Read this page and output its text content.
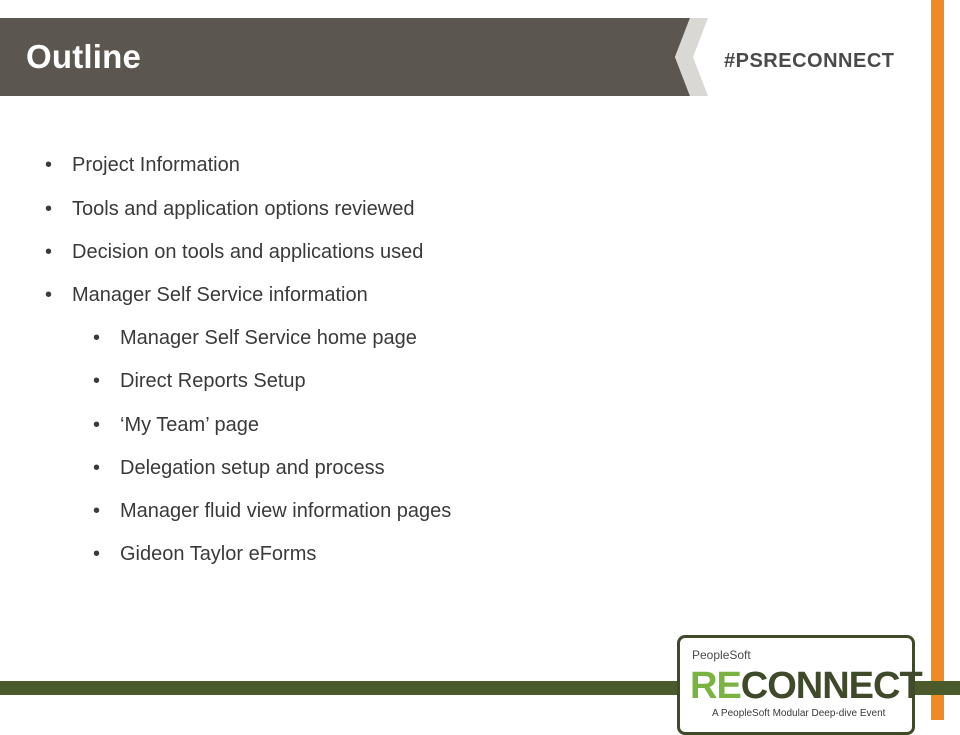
Outline	#PSRECONNECT
• Project Information
• Tools and application options reviewed
• Decision on tools and applications used
• Manager Self Service information
• Manager Self Service home page
• Direct Reports Setup
• ‘My Team’ page
• Delegation setup and process
• Manager fluid view information pages
• Gideon Taylor eForms
PeopleSoft
RECONNECT
A PeopleSoft Modular Deep-dive Event
